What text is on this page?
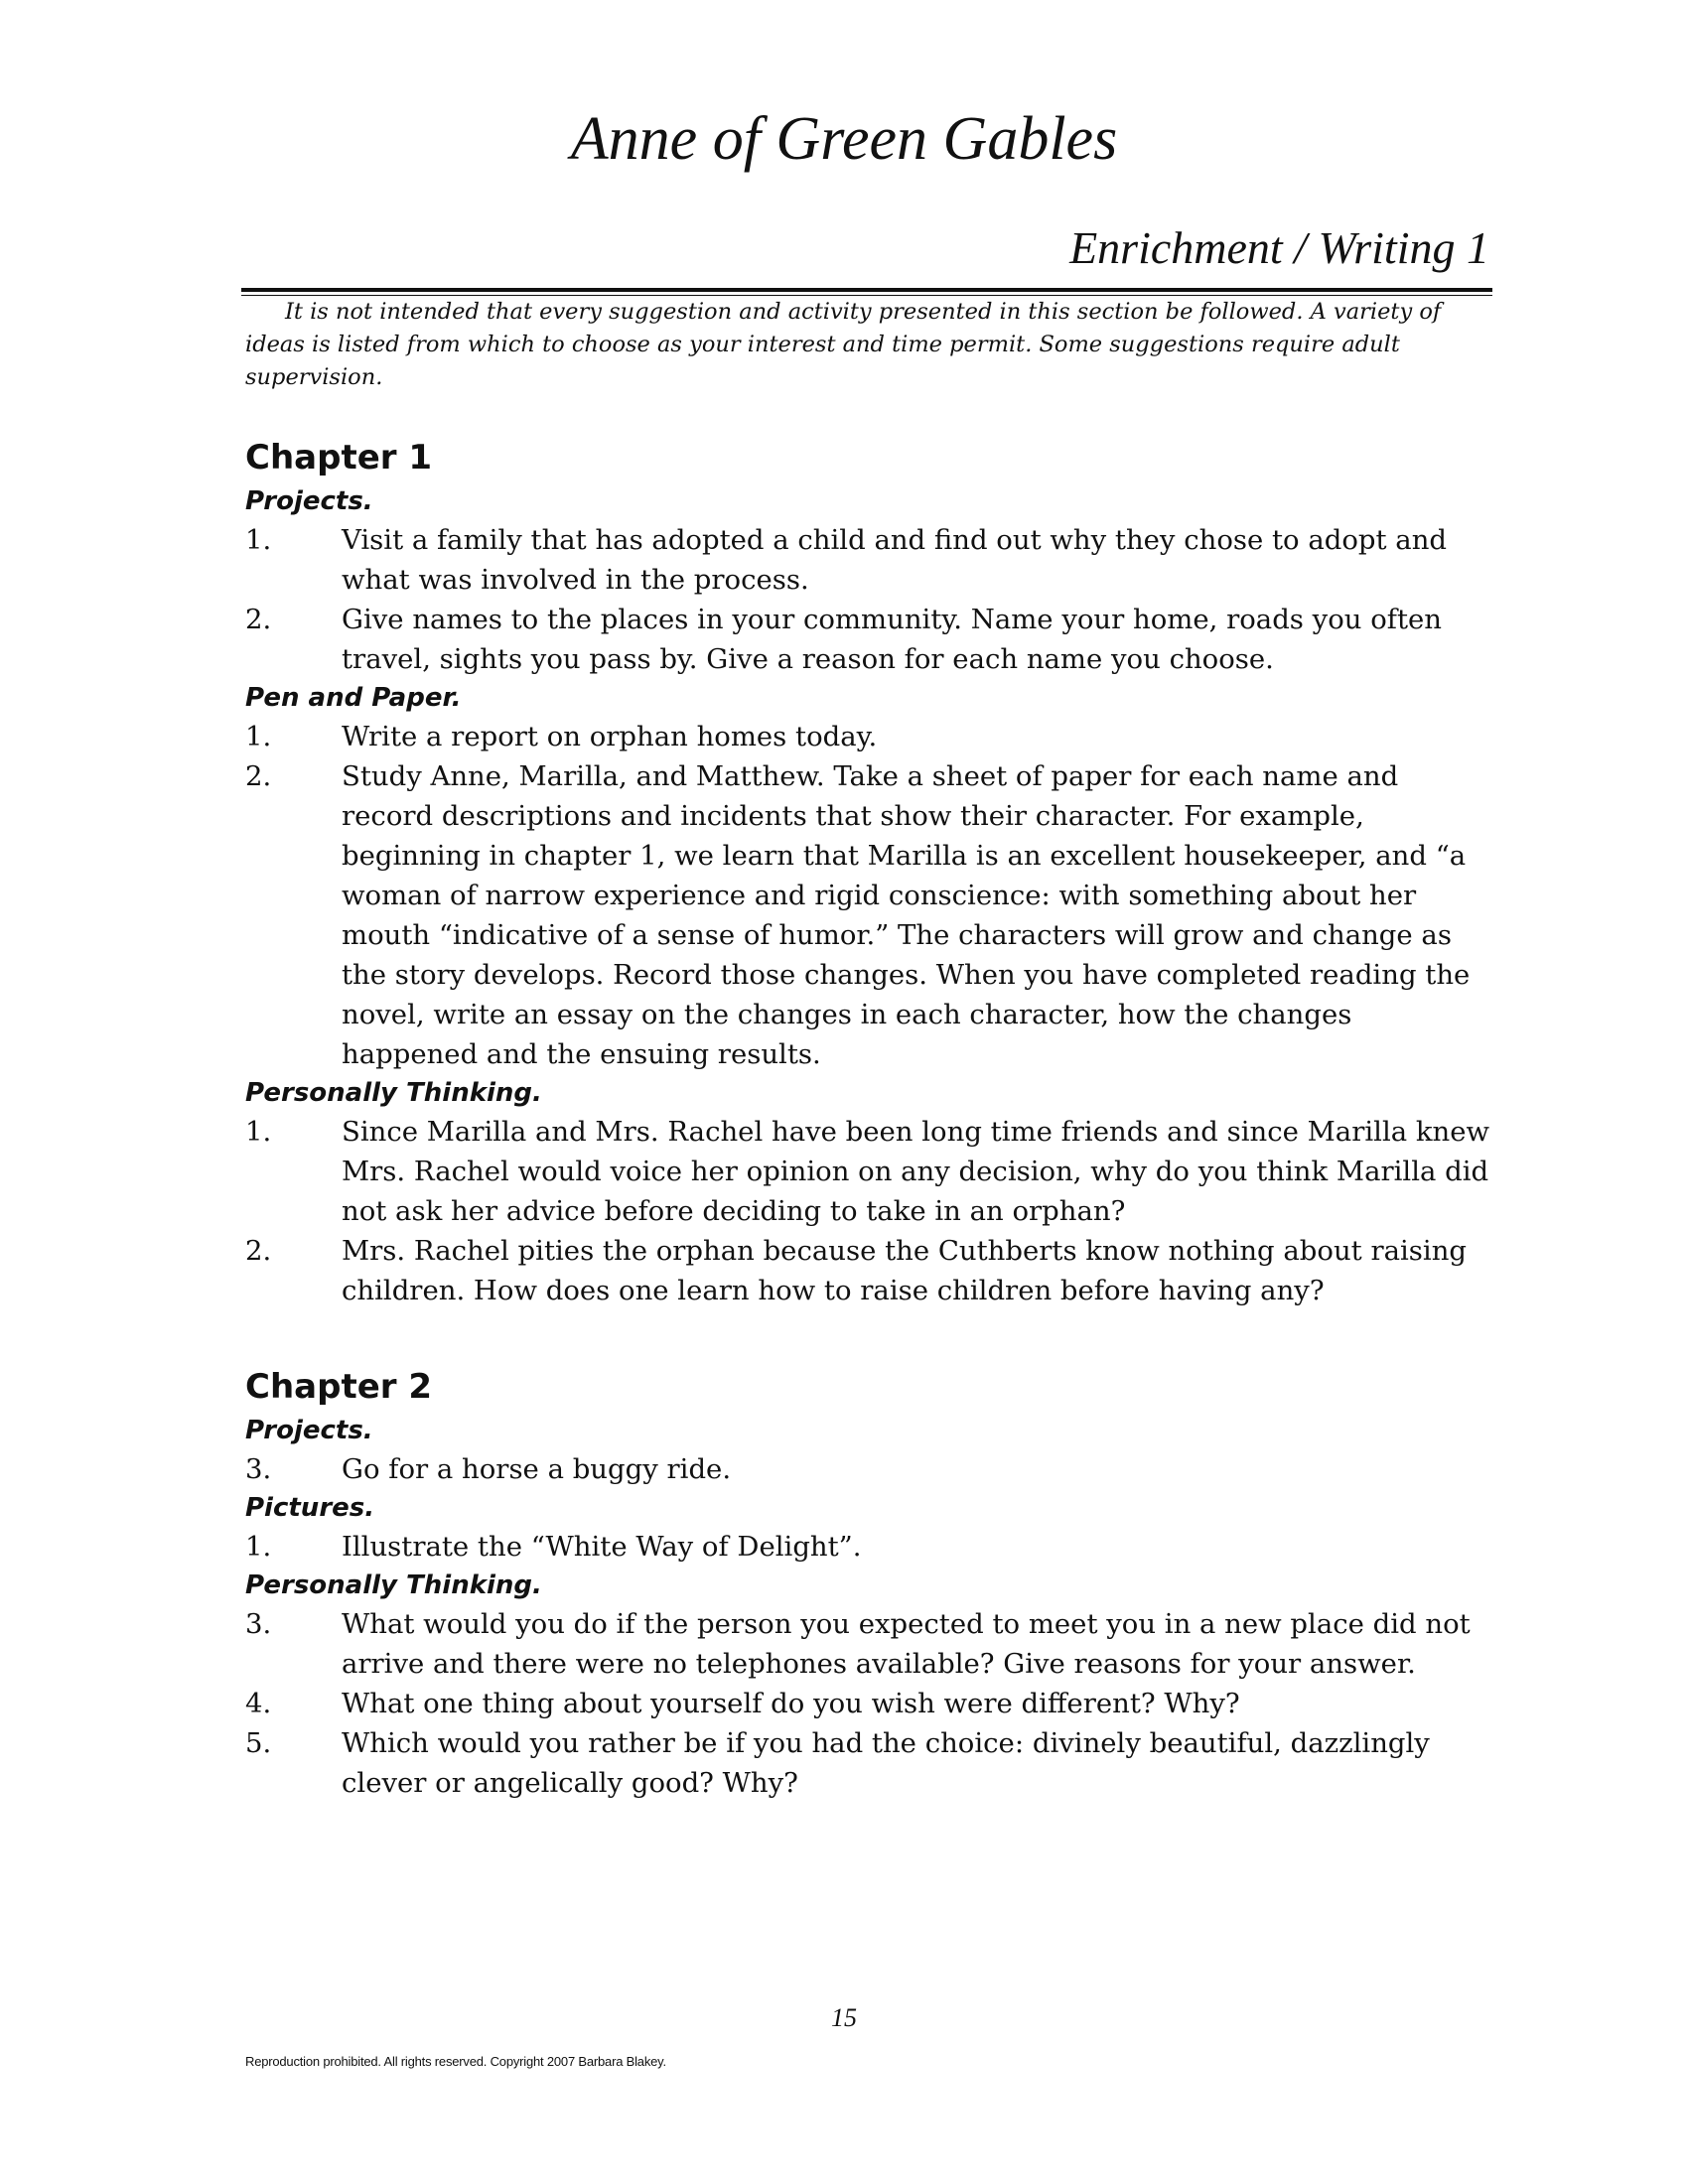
Anne of Green Gables
Enrichment / Writing 1

It is not intended that every suggestion and activity presented in this section be followed. A variety of ideas is listed from which to choose as your interest and time permit. Some suggestions require adult supervision.

Chapter 1
Projects.
1.	Visit a family that has adopted a child and find out why they chose to adopt and what was involved in the process.
2.	Give names to the places in your community. Name your home, roads you often travel, sights you pass by. Give a reason for each name you choose.
Pen and Paper.
1.	Write a report on orphan homes today.
2.	Study Anne, Marilla, and Matthew. Take a sheet of paper for each name and record descriptions and incidents that show their character. For example, beginning in chapter 1, we learn that Marilla is an excellent housekeeper, and “a woman of narrow experience and rigid conscience: with something about her mouth “indicative of a sense of humor.” The characters will grow and change as the story develops. Record those changes. When you have completed reading the novel, write an essay on the changes in each character, how the changes happened and the ensuing results.
Personally Thinking.
1.	Since Marilla and Mrs. Rachel have been long time friends and since Marilla knew Mrs. Rachel would voice her opinion on any decision, why do you think Marilla did not ask her advice before deciding to take in an orphan?
2.	Mrs. Rachel pities the orphan because the Cuthberts know nothing about raising children. How does one learn how to raise children before having any?
Chapter 2
Projects.
3.	Go for a horse a buggy ride.
Pictures.
1.	Illustrate the “White Way of Delight”.
Personally Thinking.
3.	What would you do if the person you expected to meet you in a new place did not arrive and there were no telephones available? Give reasons for your answer.
4.	What one thing about yourself do you wish were different? Why?
5.	Which would you rather be if you had the choice: divinely beautiful, dazzlingly clever or angelically good? Why?
15
Reproduction prohibited. All rights reserved. Copyright 2007 Barbara Blakey.
